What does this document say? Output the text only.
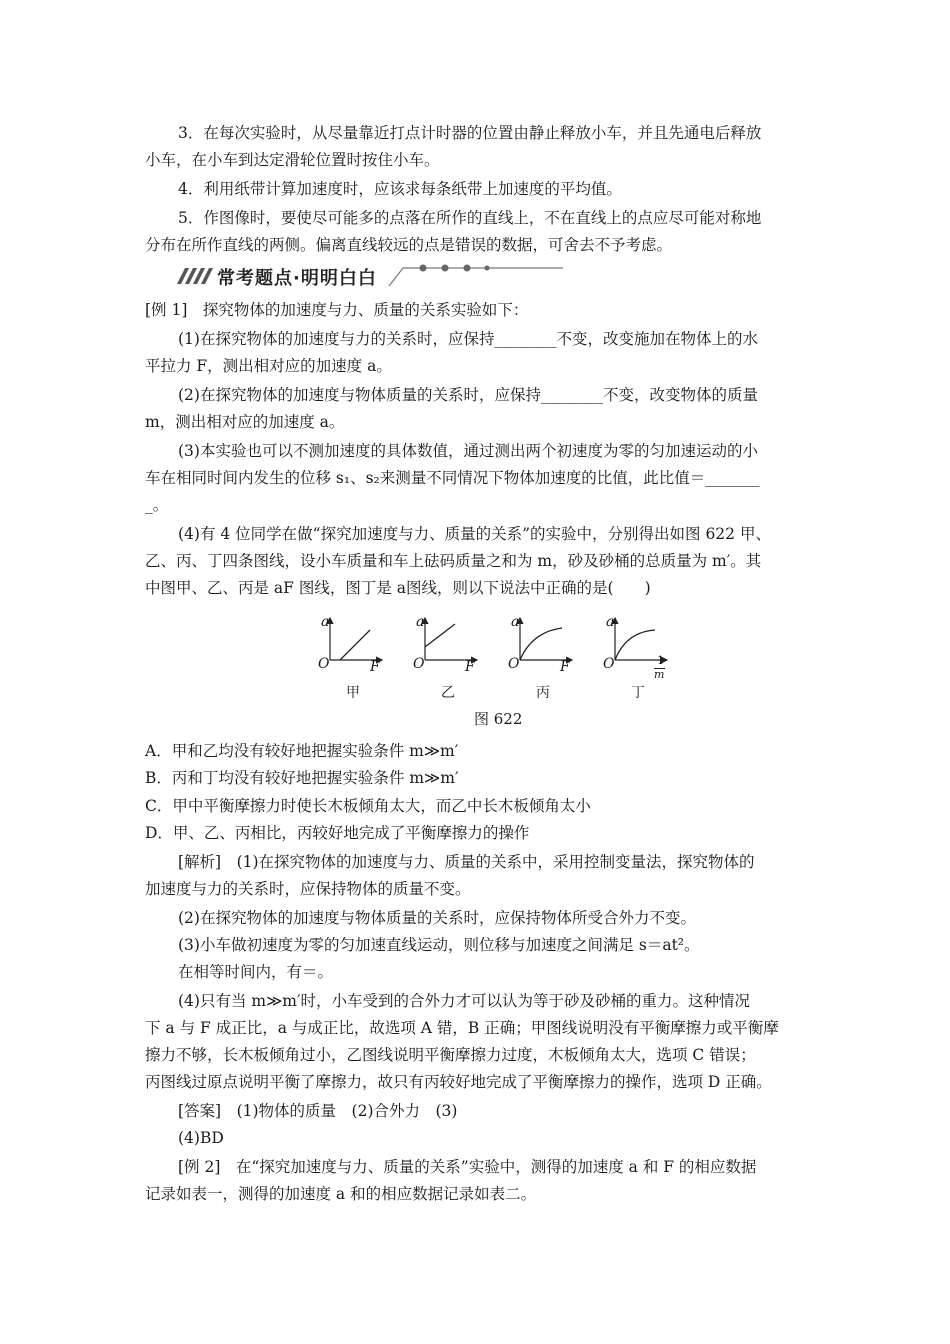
3．在每次实验时，从尽量靠近打点计时器的位置由静止释放小车，并且先通电后释放
小车，在小车到达定滑轮位置时按住小车。
4．利用纸带计算加速度时，应该求每条纸带上加速度的平均值。
5．作图像时，要使尽可能多的点落在所作的直线上，不在直线上的点应尽可能对称地
分布在所作直线的两侧。偏离直线较远的点是错误的数据，可舍去不予考虑。
常考题点·明明白白
[例 1]　探究物体的加速度与力、质量的关系实验如下：
(1)在探究物体的加速度与力的关系时，应保持________不变，改变施加在物体上的水
平拉力 F，测出相对应的加速度 a。
(2)在探究物体的加速度与物体质量的关系时，应保持________不变，改变物体的质量
m，测出相对应的加速度 a。
(3)本实验也可以不测加速度的具体数值，通过测出两个初速度为零的匀加速运动的小
车在相同时间内发生的位移 s₁、s₂来测量不同情况下物体加速度的比值，此比值＝_______
_。
(4)有 4 位同学在做“探究加速度与力、质量的关系”的实验中，分别得出如图 622 甲、
乙、丙、丁四条图线，设小车质量和车上砝码质量之和为 m，砂及砂桶的总质量为 m′。其
中图甲、乙、丙是 aF 图线，图丁是 a图线，则以下说法中正确的是(　　)
a
O	F
甲
a
O	F
乙
a
O	F
丙
a
O	1
m
丁
图 622
A．甲和乙均没有较好地把握实验条件 m≫m′
B．丙和丁均没有较好地把握实验条件 m≫m′
C．甲中平衡摩擦力时使长木板倾角太大，而乙中长木板倾角太小
D．甲、乙、丙相比，丙较好地完成了平衡摩擦力的操作
[解析]　(1)在探究物体的加速度与力、质量的关系中，采用控制变量法，探究物体的
加速度与力的关系时，应保持物体的质量不变。
(2)在探究物体的加速度与物体质量的关系时，应保持物体所受合外力不变。
(3)小车做初速度为零的匀加速直线运动，则位移与加速度之间满足 s＝at²。
在相等时间内，有＝。
(4)只有当 m≫m′时，小车受到的合外力才可以认为等于砂及砂桶的重力。这种情况
下 a 与 F 成正比，a 与成正比，故选项 A 错，B 正确；甲图线说明没有平衡摩擦力或平衡摩
擦力不够，长木板倾角过小，乙图线说明平衡摩擦力过度，木板倾角太大，选项 C 错误；
丙图线过原点说明平衡了摩擦力，故只有丙较好地完成了平衡摩擦力的操作，选项 D 正确。
[答案]　(1)物体的质量　(2)合外力　(3)
(4)BD
[例 2]　在“探究加速度与力、质量的关系”实验中，测得的加速度 a 和 F 的相应数据
记录如表一，测得的加速度 a 和的相应数据记录如表二。
